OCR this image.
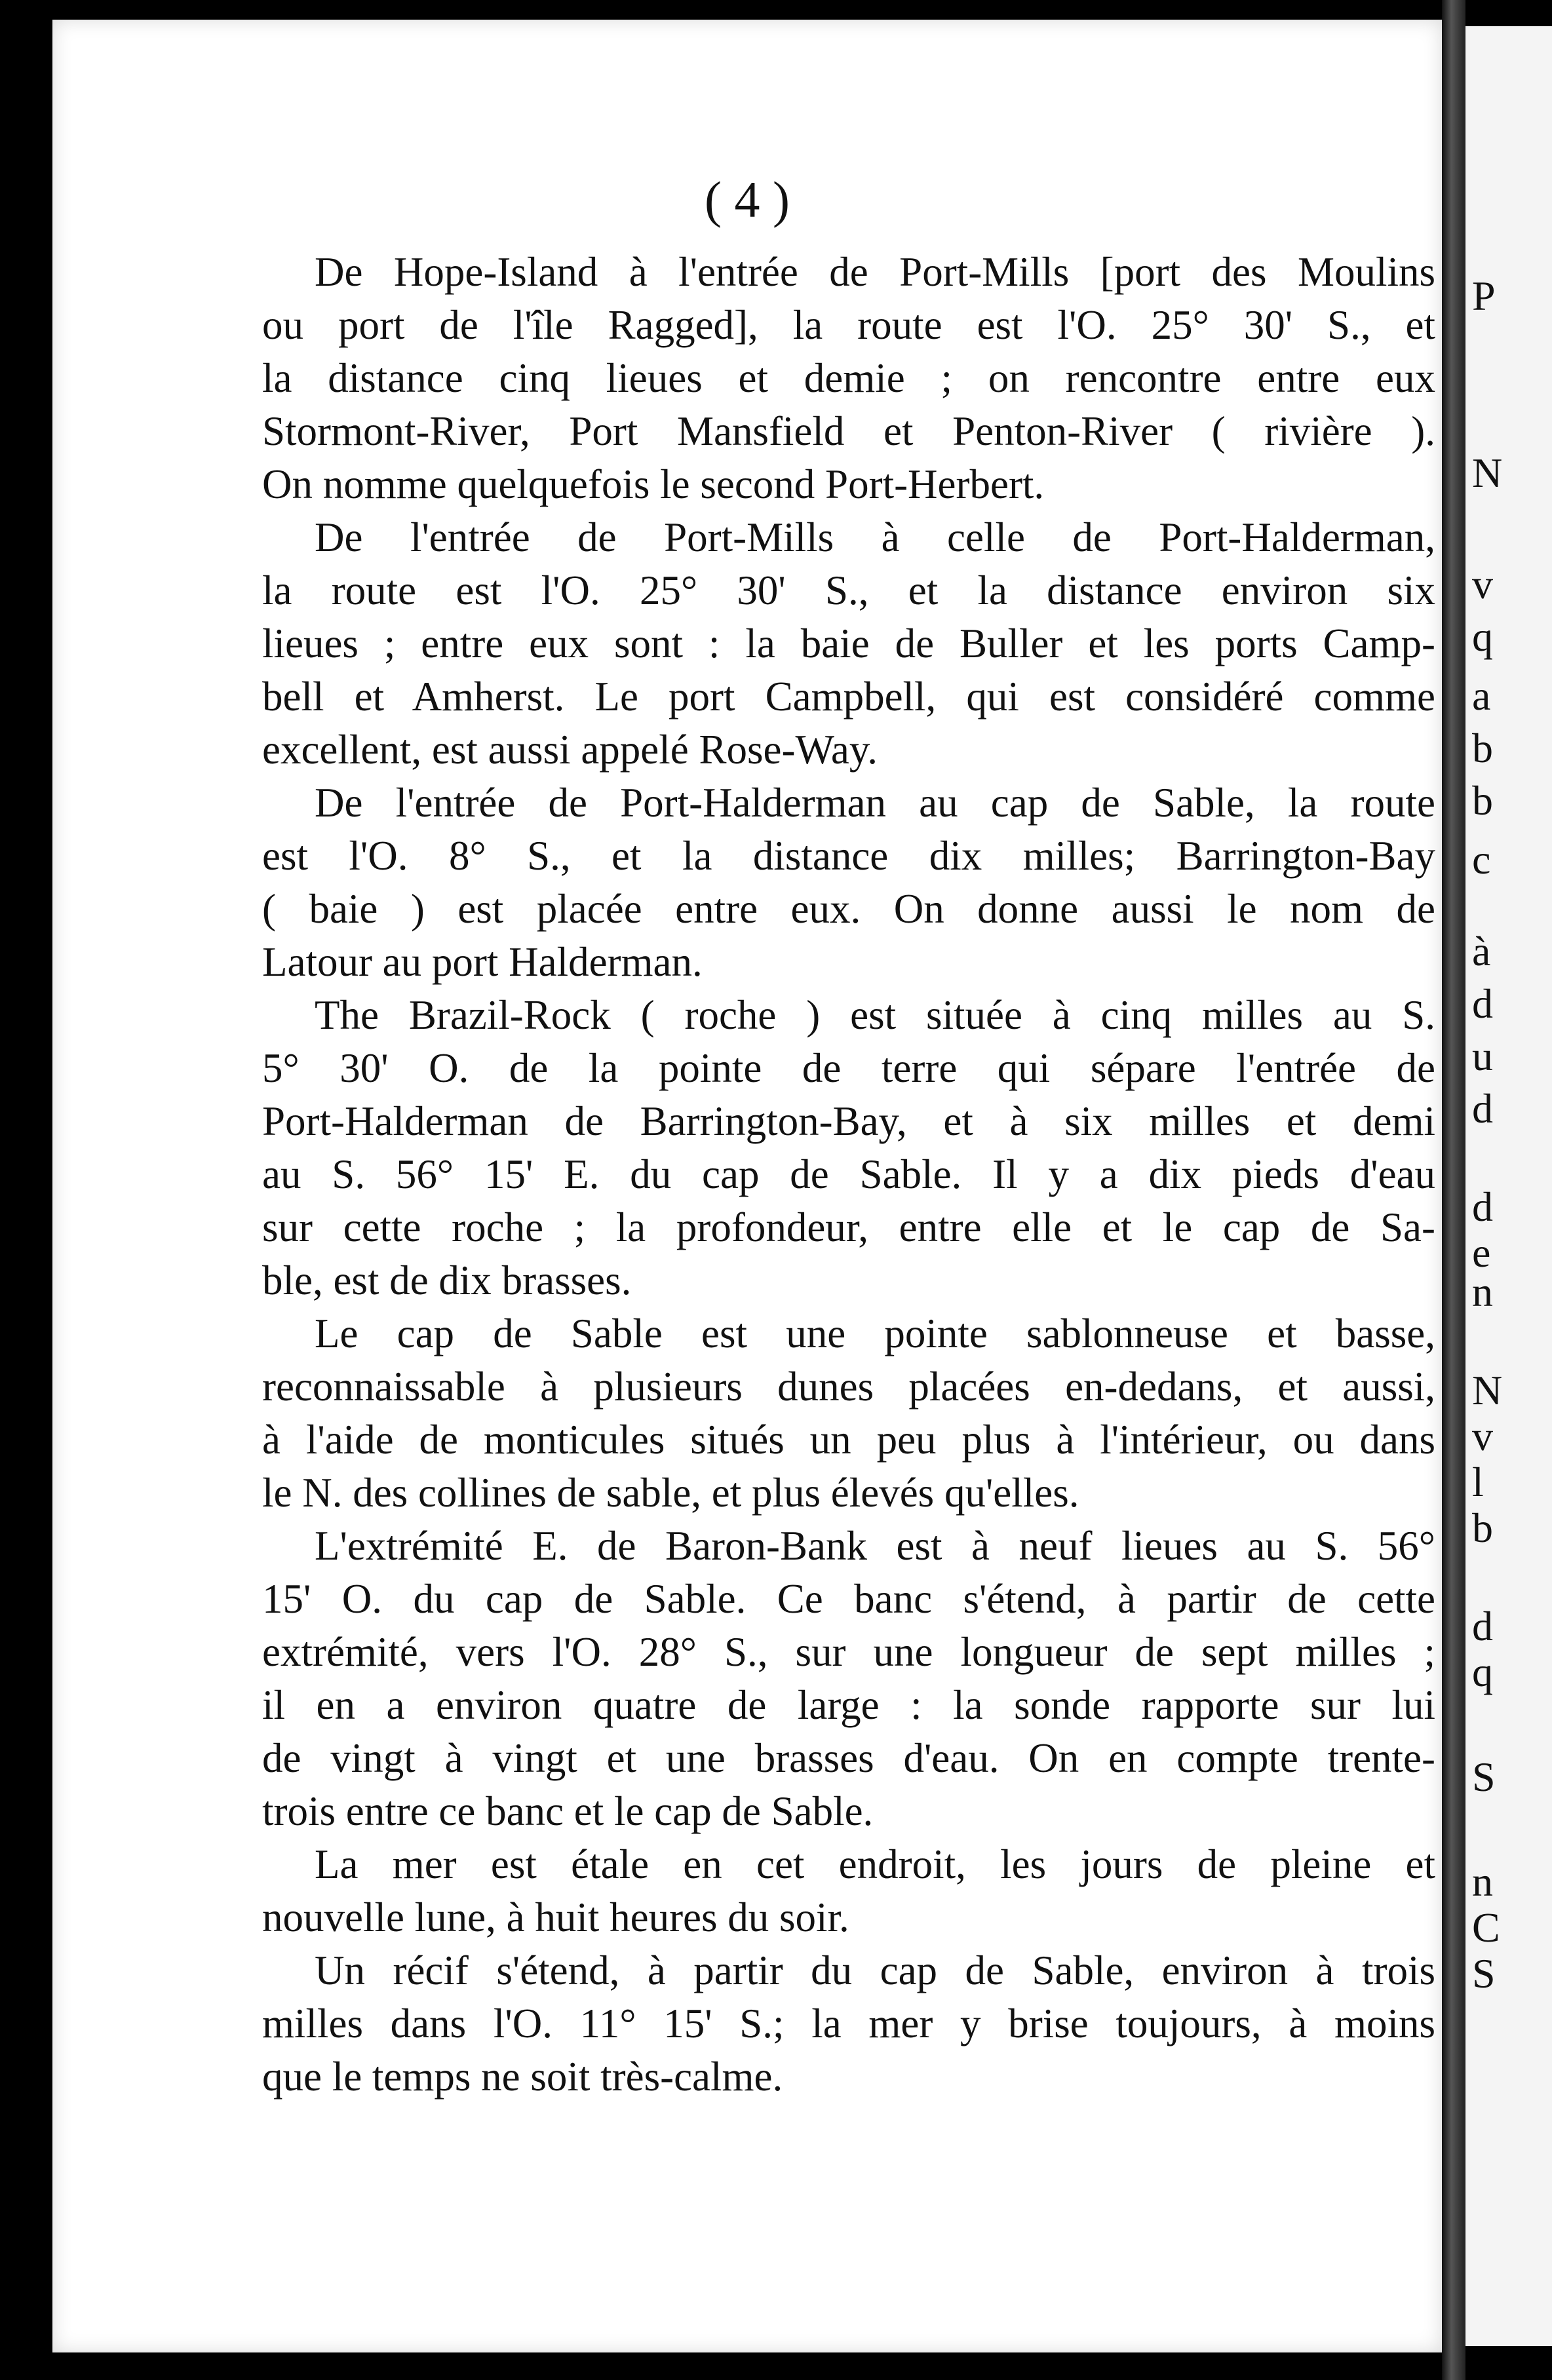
( 4 )
De Hope-Island à l'entrée de Port-Mills [port des Moulins
ou port de l'île Ragged], la route est l'O. 25° 30' S., et
la distance cinq lieues et demie ; on rencontre entre eux
Stormont-River, Port Mansfield et Penton-River ( rivière ).
On nomme quelquefois le second Port-Herbert.
De l'entrée de Port-Mills à celle de Port-Halderman,
la route est l'O. 25° 30' S., et la distance environ six
lieues ; entre eux sont : la baie de Buller et les ports Camp-
bell et Amherst. Le port Campbell, qui est considéré comme
excellent, est aussi appelé Rose-Way.
De l'entrée de Port-Halderman au cap de Sable, la route
est l'O. 8° S., et la distance dix milles; Barrington-Bay
( baie ) est placée entre eux. On donne aussi le nom de
Latour au port Halderman.
The Brazil-Rock ( roche ) est située à cinq milles au S.
5° 30' O. de la pointe de terre qui sépare l'entrée de
Port-Halderman de Barrington-Bay, et à six milles et demi
au S. 56° 15' E. du cap de Sable. Il y a dix pieds d'eau
sur cette roche ; la profondeur, entre elle et le cap de Sa-
ble, est de dix brasses.
Le cap de Sable est une pointe sablonneuse et basse,
reconnaissable à plusieurs dunes placées en-dedans, et aussi,
à l'aide de monticules situés un peu plus à l'intérieur, ou dans
le N. des collines de sable, et plus élevés qu'elles.
L'extrémité E. de Baron-Bank est à neuf lieues au S. 56°
15' O. du cap de Sable. Ce banc s'étend, à partir de cette
extrémité, vers l'O. 28° S., sur une longueur de sept milles ;
il en a environ quatre de large : la sonde rapporte sur lui
de vingt à vingt et une brasses d'eau. On en compte trente-
trois entre ce banc et le cap de Sable.
La mer est étale en cet endroit, les jours de pleine et
nouvelle lune, à huit heures du soir.
Un récif s'étend, à partir du cap de Sable, environ à trois
milles dans l'O. 11° 15' S.; la mer y brise toujours, à moins
que le temps ne soit très-calme.
P
N
v
q
a
b
b
c
à
d
u
d
d
e
n
N
v
l
b
d
q
S
n
C
S
